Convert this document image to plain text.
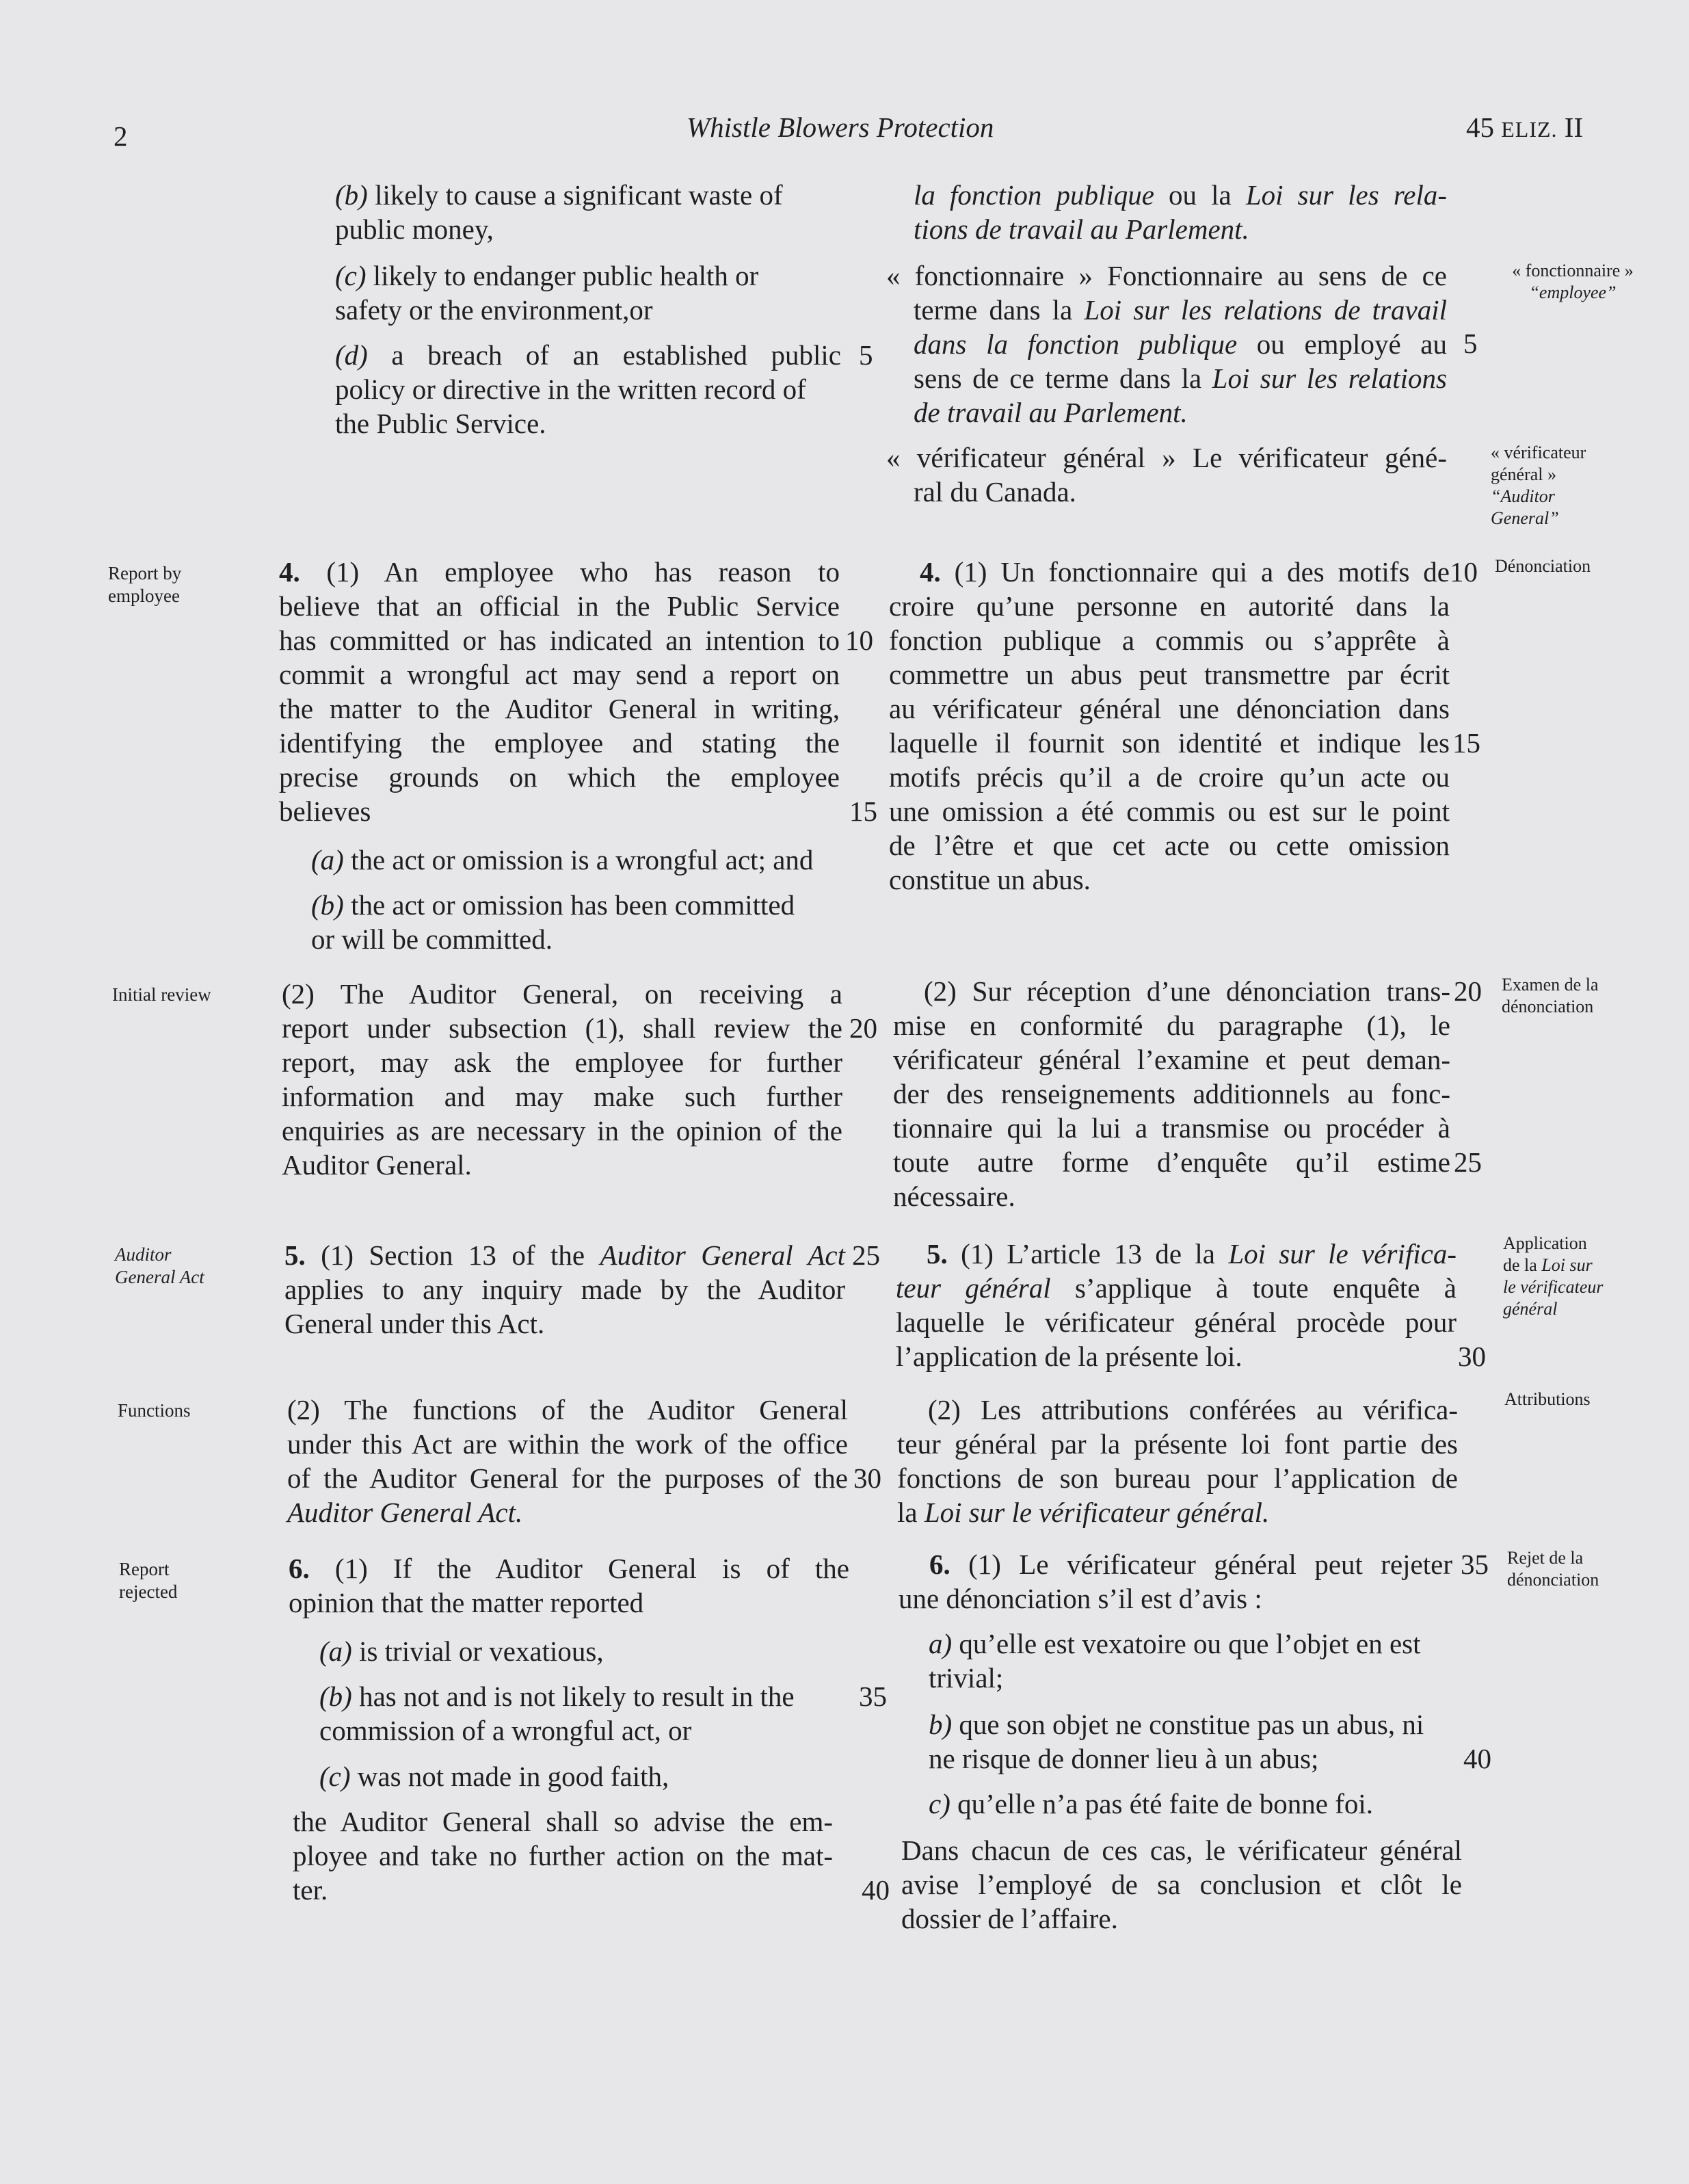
2	Whistle Blowers Protection	45 ELIZ. II
(b) likely to cause a significant waste of
public money,
(c) likely to endanger public health or
safety or the environment,or
(d) a breach of an established public
policy or directive in the written record of
the Public Service.
4. (1) An employee who has reason to
believe that an official in the Public Service
has committed or has indicated an intention to
commit a wrongful act may send a report on
the matter to the Auditor General in writing,
identifying the employee and stating the
precise grounds on which the employee
believes
(a) the act or omission is a wrongful act; and
(b) the act or omission has been committed
or will be committed.
(2) The Auditor General, on receiving a
report under subsection (1), shall review the
report, may ask the employee for further
information and may make such further
enquiries as are necessary in the opinion of the
Auditor General.
5. (1) Section 13 of the Auditor General Act
applies to any inquiry made by the Auditor
General under this Act.
(2) The functions of the Auditor General
under this Act are within the work of the office
of the Auditor General for the purposes of the
Auditor General Act.
6. (1) If the Auditor General is of the
opinion that the matter reported
(a) is trivial or vexatious,
(b) has not and is not likely to result in the
commission of a wrongful act, or
(c) was not made in good faith,
the Auditor General shall so advise the em-
ployee and take no further action on the mat-
ter.
la fonction publique ou la Loi sur les rela-
tions de travail au Parlement.
« fonctionnaire » Fonctionnaire au sens de ce
terme dans la Loi sur les relations de travail
dans la fonction publique ou employé au
sens de ce terme dans la Loi sur les relations
de travail au Parlement.
« vérificateur général » Le vérificateur géné-
ral du Canada.
4. (1) Un fonctionnaire qui a des motifs de
croire qu’une personne en autorité dans la
fonction publique a commis ou s’apprête à
commettre un abus peut transmettre par écrit
au vérificateur général une dénonciation dans
laquelle il fournit son identité et indique les
motifs précis qu’il a de croire qu’un acte ou
une omission a été commis ou est sur le point
de l’être et que cet acte ou cette omission
constitue un abus.
(2) Sur réception d’une dénonciation trans-
mise en conformité du paragraphe (1), le
vérificateur général l’examine et peut deman-
der des renseignements additionnels au fonc-
tionnaire qui la lui a transmise ou procéder à
toute autre forme d’enquête qu’il estime
nécessaire.
5. (1) L’article 13 de la Loi sur le vérifica-
teur général s’applique à toute enquête à
laquelle le vérificateur général procède pour
l’application de la présente loi.
(2) Les attributions conférées au vérifica-
teur général par la présente loi font partie des
fonctions de son bureau pour l’application de
la Loi sur le vérificateur général.
6. (1) Le vérificateur général peut rejeter
une dénonciation s’il est d’avis :
a) qu’elle est vexatoire ou que l’objet en est
trivial;
b) que son objet ne constitue pas un abus, ni
ne risque de donner lieu à un abus;
c) qu’elle n’a pas été faite de bonne foi.
Dans chacun de ces cas, le vérificateur général
avise l’employé de sa conclusion et clôt le
dossier de l’affaire.
5
10
15
20
25
30
35
40
5
10
15
20
25
30
35
40
Report by
employee
Initial review
Auditor
General Act
Functions
Report
rejected
« fonctionnaire »
“employee”
« vérificateur
général »
“Auditor
General”
Dénonciation
Examen de la
dénonciation
Application
de la Loi sur
le vérificateur
général
Attributions
Rejet de la
dénonciation
